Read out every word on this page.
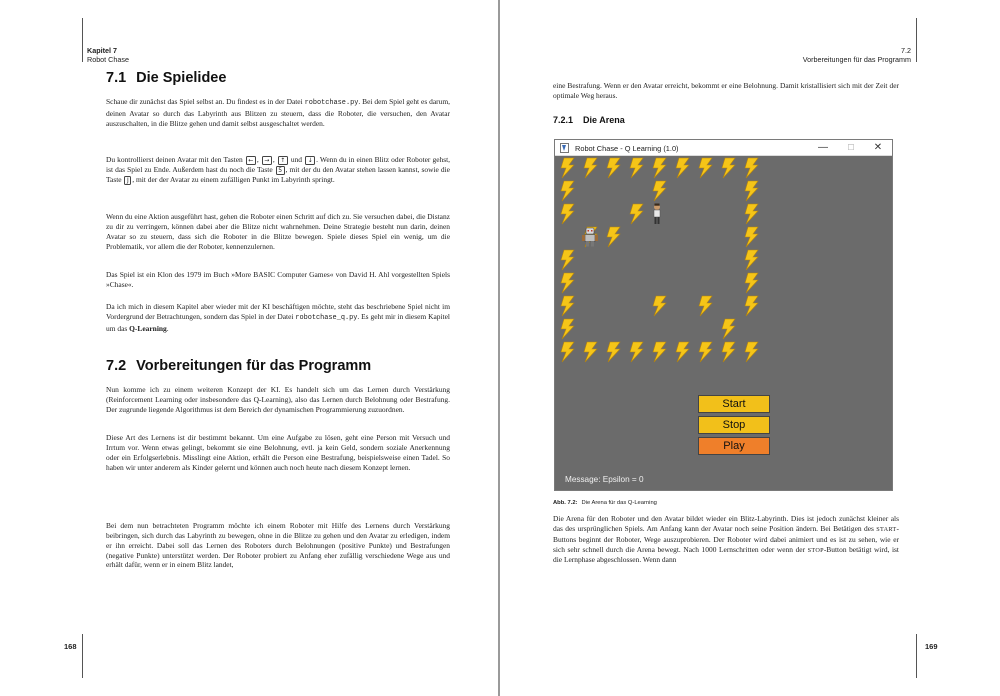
Kapitel 7
Robot Chase
7.1 Die Spielidee

Schaue dir zunächst das Spiel selbst an. Du findest es in der Datei robotchase.py. Bei dem Spiel geht es darum, deinen Avatar so durch das Labyrinth aus Blitzen zu steuern, dass die Roboter, die versuchen, den Avatar auszuschalten, in die Blitze gehen und damit selbst ausgeschaltet werden.

Du kontrollierst deinen Avatar mit den Tasten ← , → , ↑ und ↓ . Wenn du in einen Blitz oder Roboter gehst, ist das Spiel zu Ende. Außerdem hast du noch die Taste 5 , mit der du den Avatar stehen lassen kannst, sowie die Taste J , mit der der Avatar zu einem zufälligen Punkt im Labyrinth springt.

Wenn du eine Aktion ausgeführt hast, gehen die Roboter einen Schritt auf dich zu. Sie versuchen dabei, die Distanz zu dir zu verringern, können dabei aber die Blitze nicht wahrnehmen. Deine Strategie besteht nun darin, deinen Avatar so zu steuern, dass sich die Roboter in die Blitze bewegen. Spiele dieses Spiel ein wenig, um die Problematik, vor allem die der Roboter, kennenzulernen.

Das Spiel ist ein Klon des 1979 im Buch »More BASIC Computer Games« von David H. Ahl vorgestellten Spiels »Chase«.

Da ich mich in diesem Kapitel aber wieder mit der KI beschäftigen möchte, steht das beschriebene Spiel nicht im Vordergrund der Betrachtungen, sondern das Spiel in der Datei robotchase_q.py. Es geht mir in diesem Kapitel um das Q-Learning.

7.2 Vorbereitungen für das Programm

Nun komme ich zu einem weiteren Konzept der KI. Es handelt sich um das Lernen durch Verstärkung (Reinforcement Learning oder insbesondere das Q-Learning), also das Lernen durch Belohnung oder Bestrafung. Der zugrunde liegende Algorithmus ist dem Bereich der dynamischen Programmierung zuzuordnen.

Diese Art des Lernens ist dir bestimmt bekannt. Um eine Aufgabe zu lösen, geht eine Person mit Versuch und Irrtum vor. Wenn etwas gelingt, bekommt sie eine Belohnung, evtl. ja kein Geld, sondern soziale Anerkennung oder ein Erfolgserlebnis. Misslingt eine Aktion, erhält die Person eine Bestrafung, beispielsweise einen Tadel. So haben wir unter anderem als Kinder gelernt und können auch noch heute nach diesem Konzept lernen.

Bei dem nun betrachteten Programm möchte ich einem Roboter mit Hilfe des Lernens durch Verstärkung beibringen, sich durch das Labyrinth zu bewegen, ohne in die Blitze zu gehen und den Avatar zu erledigen, indem er ihn erreicht. Dabei soll das Lernen des Roboters durch Belohnungen (positive Punkte) und Bestrafungen (negative Punkte) unterstützt werden. Der Roboter probiert zu Anfang eher zufällig verschiedene Wege aus und erhält dafür, wenn er in einem Blitz landet,

168
7.2
Vorbereitungen für das Programm

eine Bestrafung. Wenn er den Avatar erreicht, bekommt er eine Belohnung. Damit kristallisiert sich mit der Zeit der optimale Weg heraus.

7.2.1 Die Arena
169
Robot Chase - Q Learning (1.0)	—	☐	✕
Start
Stop
Play
Message: Epsilon = 0
Abb. 7.2: Die Arena für das Q-Learning

Die Arena für den Roboter und den Avatar bildet wieder ein Blitz-Labyrinth. Dies ist jedoch zunächst kleiner als das des ursprünglichen Spiels. Am Anfang kann der Avatar noch seine Position ändern. Bei Betätigen des START-Buttons beginnt der Roboter, Wege auszuprobieren. Der Roboter wird dabei animiert und es ist zu sehen, wie er sich sehr schnell durch die Arena bewegt. Nach 1000 Lernschritten oder wenn der STOP-Button betätigt wird, ist die Lernphase abgeschlossen. Wenn dann
